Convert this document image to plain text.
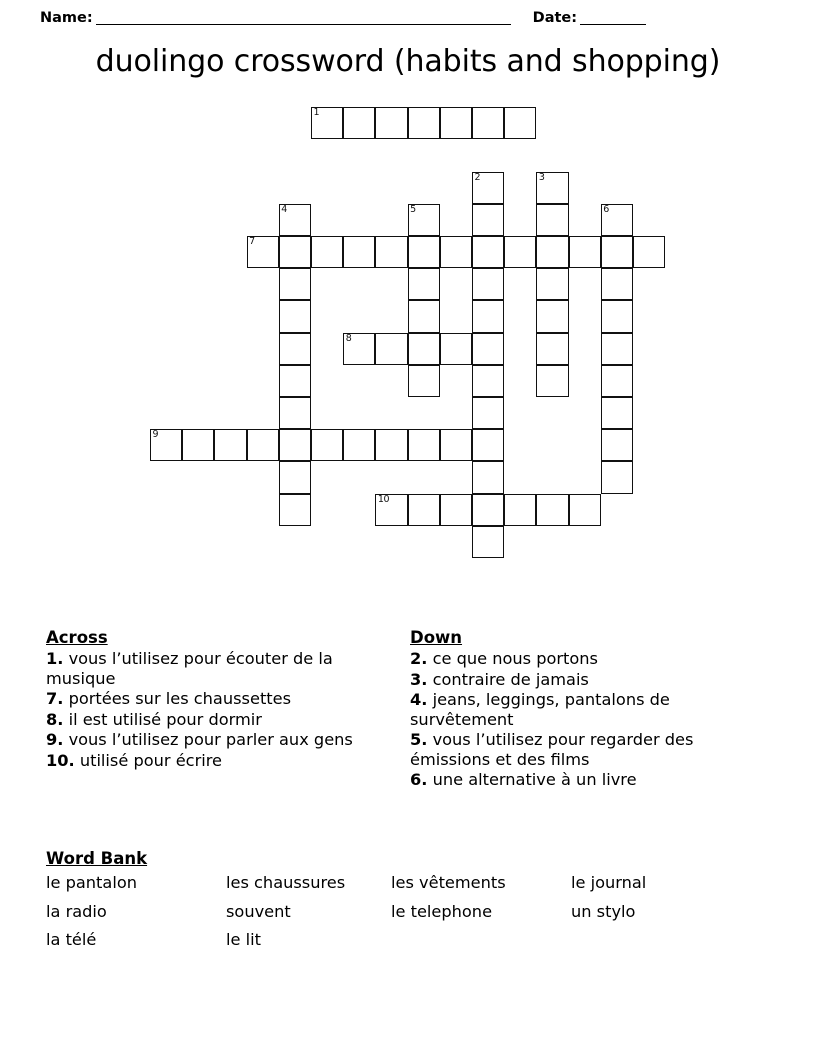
Name:	Date:
duolingo crossword (habits and shopping)
1
7
8
9
10
2	3
4	5	6
Across

1. vous l’utilisez pour écouter de la musique

7. portées sur les chaussettes

8. il est utilisé pour dormir

9. vous l’utilisez pour parler aux gens

10. utilisé pour écrire

Down

2. ce que nous portons

3. contraire de jamais

4. jeans, leggings, pantalons de survêtement

5. vous l’utilisez pour regarder des émissions et des films

6. une alternative à un livre

Word Bank
le pantalon	les chaussures	les vêtements	le journal
la radio	souvent	le telephone	un stylo
la télé	le lit
